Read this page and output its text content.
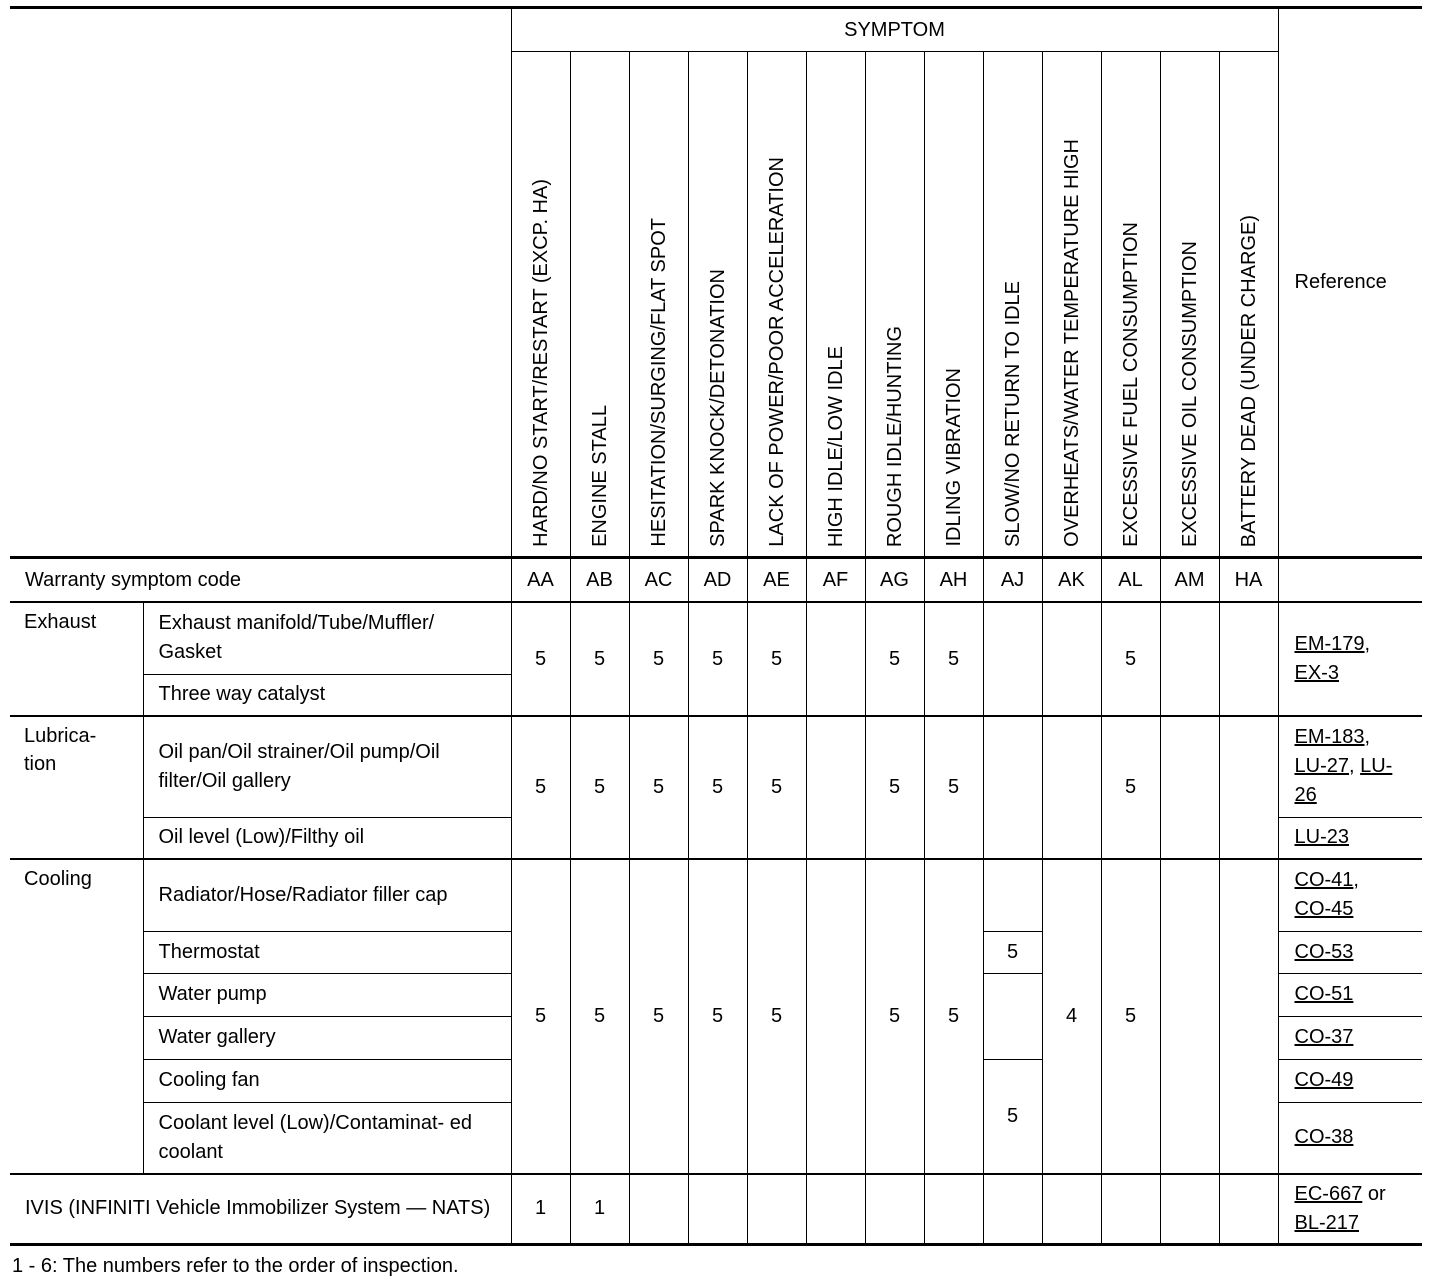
		SYMPTOM													Reference
		HARD/NO START/RESTART (EXCP. HA)	ENGINE STALL	HESITATION/SURGING/FLAT SPOT	SPARK KNOCK/DETONATION	LACK OF POWER/POOR ACCELERATION	HIGH IDLE/LOW IDLE	ROUGH IDLE/HUNTING	IDLING VIBRATION	SLOW/NO RETURN TO IDLE	OVERHEATS/WATER TEMPERATURE HIGH	EXCESSIVE FUEL CONSUMPTION	EXCESSIVE OIL CONSUMPTION	BATTERY DEAD (UNDER CHARGE)	
Warranty symptom code		AA	AB	AC	AD	AE	AF	AG	AH	AJ	AK	AL	AM	HA	
Exhaust	Exhaust manifold/Tube/Muffler/ Gasket	5	5	5	5	5		5	5			5			EM-179,
EX-3
	Three way catalyst														
Lubrica- tion	Oil pan/Oil strainer/Oil pump/Oil filter/Oil gallery	5	5	5	5	5		5	5			5			EM-183,
LU-27, LU- 26
	Oil level (Low)/Filthy oil														LU-23
Cooling	Radiator/Hose/Radiator filler cap	5	5	5	5	5		5	5		4	5			CO-41,
CO-45
	Thermostat									5					CO-53
	Water pump														CO-51
	Water gallery														CO-37
	Cooling fan									5					CO-49
	Coolant level (Low)/Contaminat- ed coolant														CO-38
IVIS (INFINITI Vehicle Immobilizer System — NATS)		1	1												EC-667 or
BL-217
1 - 6: The numbers refer to the order of inspection.
